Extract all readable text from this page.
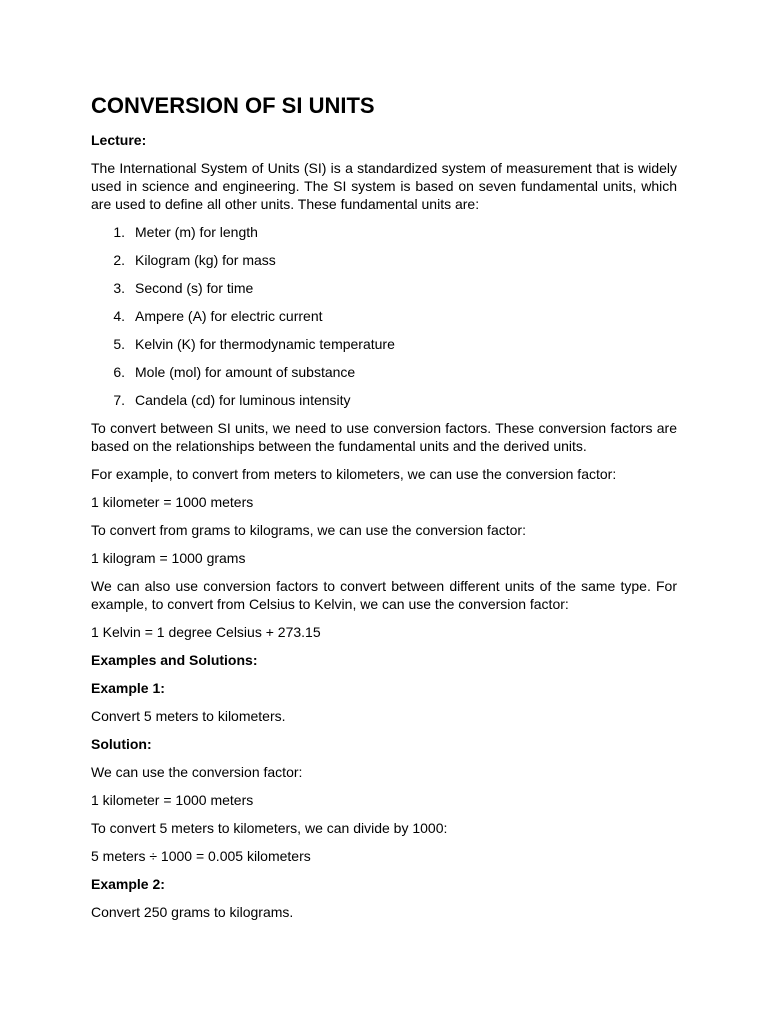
CONVERSION OF SI UNITS
Lecture:
The International System of Units (SI) is a standardized system of measurement that is widely used in science and engineering. The SI system is based on seven fundamental units, which are used to define all other units. These fundamental units are:
1. Meter (m) for length
2. Kilogram (kg) for mass
3. Second (s) for time
4. Ampere (A) for electric current
5. Kelvin (K) for thermodynamic temperature
6. Mole (mol) for amount of substance
7. Candela (cd) for luminous intensity
To convert between SI units, we need to use conversion factors. These conversion factors are based on the relationships between the fundamental units and the derived units.
For example, to convert from meters to kilometers, we can use the conversion factor:
1 kilometer = 1000 meters
To convert from grams to kilograms, we can use the conversion factor:
1 kilogram = 1000 grams
We can also use conversion factors to convert between different units of the same type. For example, to convert from Celsius to Kelvin, we can use the conversion factor:
1 Kelvin = 1 degree Celsius + 273.15
Examples and Solutions:
Example 1:
Convert 5 meters to kilometers.
Solution:
We can use the conversion factor:
1 kilometer = 1000 meters
To convert 5 meters to kilometers, we can divide by 1000:
5 meters ÷ 1000 = 0.005 kilometers
Example 2:
Convert 250 grams to kilograms.
